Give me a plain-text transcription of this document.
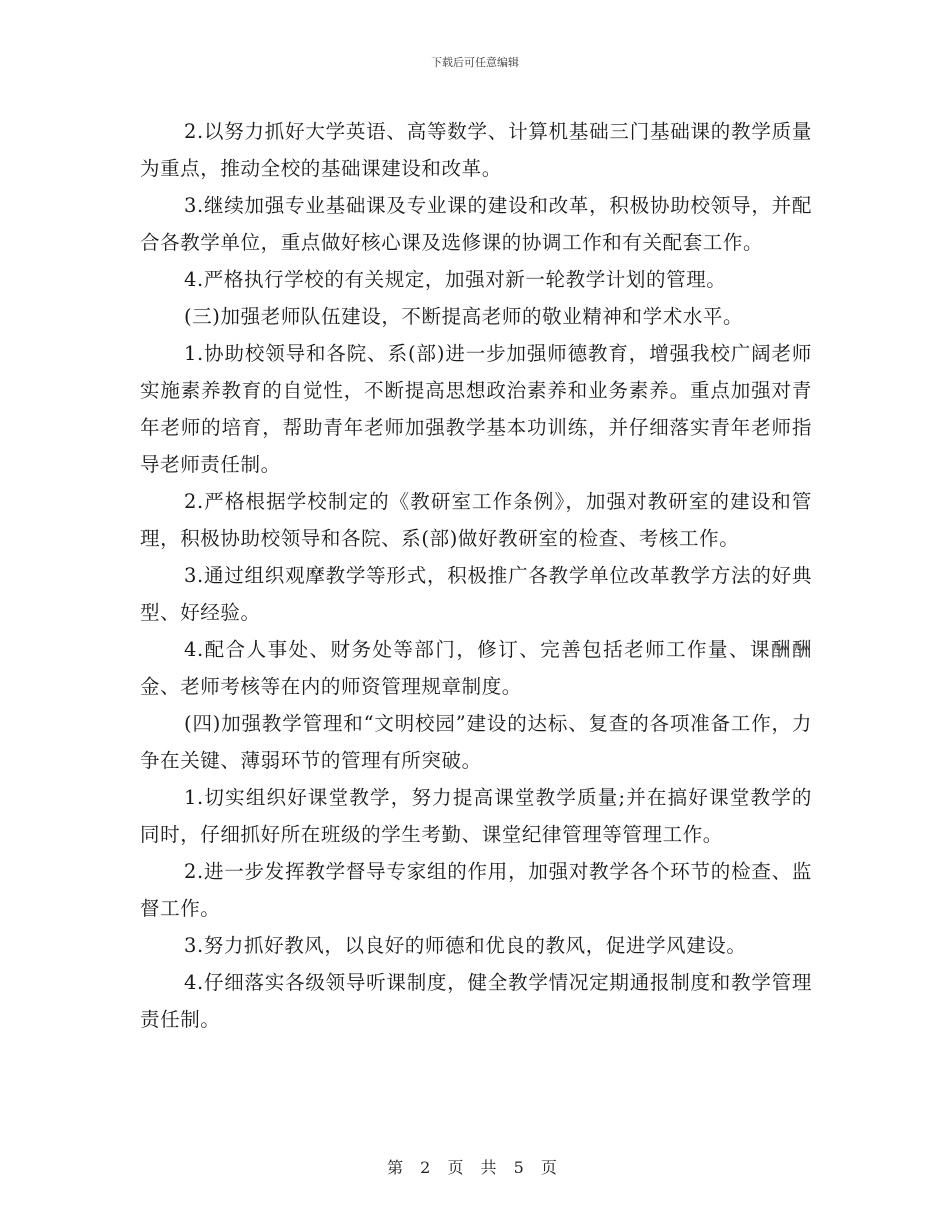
下载后可任意编辑

2.以努力抓好大学英语、高等数学、计算机基础三门基础课的教学质量为重点，推动全校的基础课建设和改革。

3.继续加强专业基础课及专业课的建设和改革，积极协助校领导，并配合各教学单位，重点做好核心课及选修课的协调工作和有关配套工作。

4.严格执行学校的有关规定，加强对新一轮教学计划的管理。

(三)加强老师队伍建设，不断提高老师的敬业精神和学术水平。

1.协助校领导和各院、系(部)进一步加强师德教育，增强我校广阔老师实施素养教育的自觉性，不断提高思想政治素养和业务素养。重点加强对青年老师的培育，帮助青年老师加强教学基本功训练，并仔细落实青年老师指导老师责任制。

2.严格根据学校制定的《教研室工作条例》，加强对教研室的建设和管理，积极协助校领导和各院、系(部)做好教研室的检查、考核工作。

3.通过组织观摩教学等形式，积极推广各教学单位改革教学方法的好典型、好经验。

4.配合人事处、财务处等部门，修订、完善包括老师工作量、课酬酬金、老师考核等在内的师资管理规章制度。

(四)加强教学管理和“文明校园”建设的达标、复查的各项准备工作，力争在关键、薄弱环节的管理有所突破。

1.切实组织好课堂教学，努力提高课堂教学质量;并在搞好课堂教学的同时，仔细抓好所在班级的学生考勤、课堂纪律管理等管理工作。

2.进一步发挥教学督导专家组的作用，加强对教学各个环节的检查、监督工作。

3.努力抓好教风，以良好的师德和优良的教风，促进学风建设。

4.仔细落实各级领导听课制度，健全教学情况定期通报制度和教学管理责任制。

第 2 页 共 5 页
